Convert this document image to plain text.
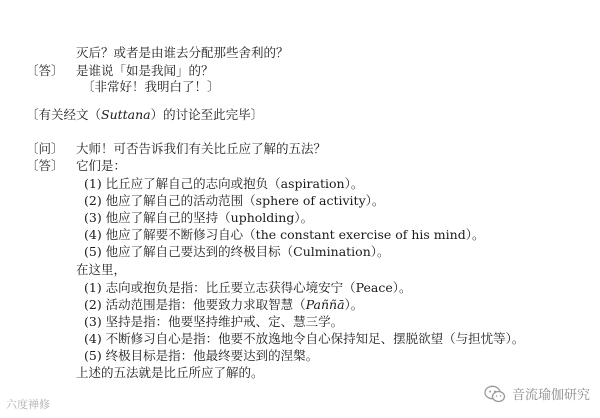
灭后？或者是由谁去分配那些舍利的？
〔答〕 是谁说「如是我闻」的？
〔非常好！我明白了！〕
〔有关经文（Suttana）的讨论至此完毕〕
〔问〕 大师！可否告诉我们有关比丘应了解的五法？
〔答〕 它们是：
(1) 比丘应了解自己的志向或抱负（aspiration）。
(2) 他应了解自己的活动范围（sphere of activity）。
(3) 他应了解自己的坚持（upholding）。
(4) 他应了解要不断修习自心（the constant exercise of his mind）。
(5) 他应了解自己要达到的终极目标（Culmination）。
在这里，
(1) 志向或抱负是指：比丘要立志获得心境安宁（Peace）。
(2) 活动范围是指：他要致力求取智慧（Paññā）。
(3) 坚持是指：他要坚持维护戒、定、慧三学。
(4) 不断修习自心是指：他要不放逸地令自心保持知足、摆脱欲望（与担忧等）。
(5) 终极目标是指：他最终要达到的涅槃。
上述的五法就是比丘所应了解的。
六度禅修
音流瑜伽研究
